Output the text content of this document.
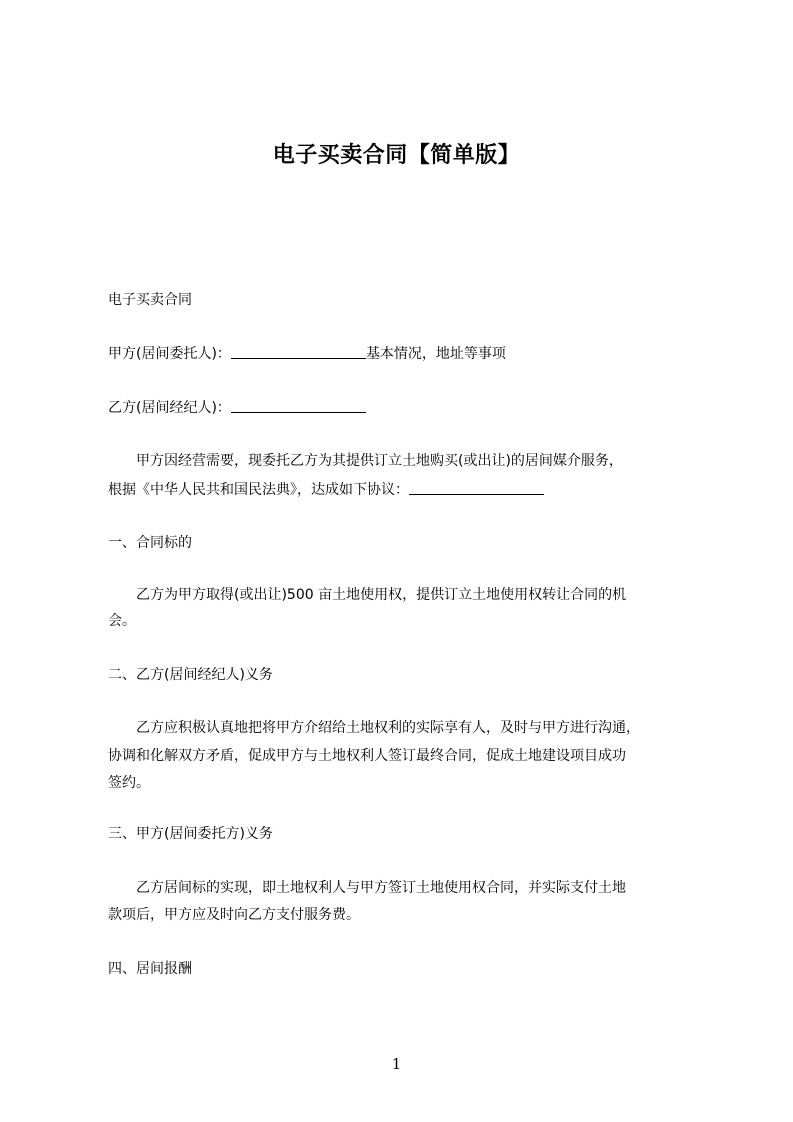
电子买卖合同【简单版】
电子买卖合同
甲方(居间委托人)：	基本情况，地址等事项
乙方(居间经纪人)：
甲方因经营需要，现委托乙方为其提供订立土地购买(或出让)的居间媒介服务，
根据《中华人民共和国民法典》，达成如下协议：
一、合同标的
乙方为甲方取得(或出让)500 亩土地使用权，提供订立土地使用权转让合同的机
会。
二、乙方(居间经纪人)义务
乙方应积极认真地把将甲方介绍给土地权利的实际享有人，及时与甲方进行沟通，
协调和化解双方矛盾，促成甲方与土地权利人签订最终合同，促成土地建设项目成功
签约。
三、甲方(居间委托方)义务
乙方居间标的实现，即土地权利人与甲方签订土地使用权合同，并实际支付土地
款项后，甲方应及时向乙方支付服务费。
四、居间报酬
1
